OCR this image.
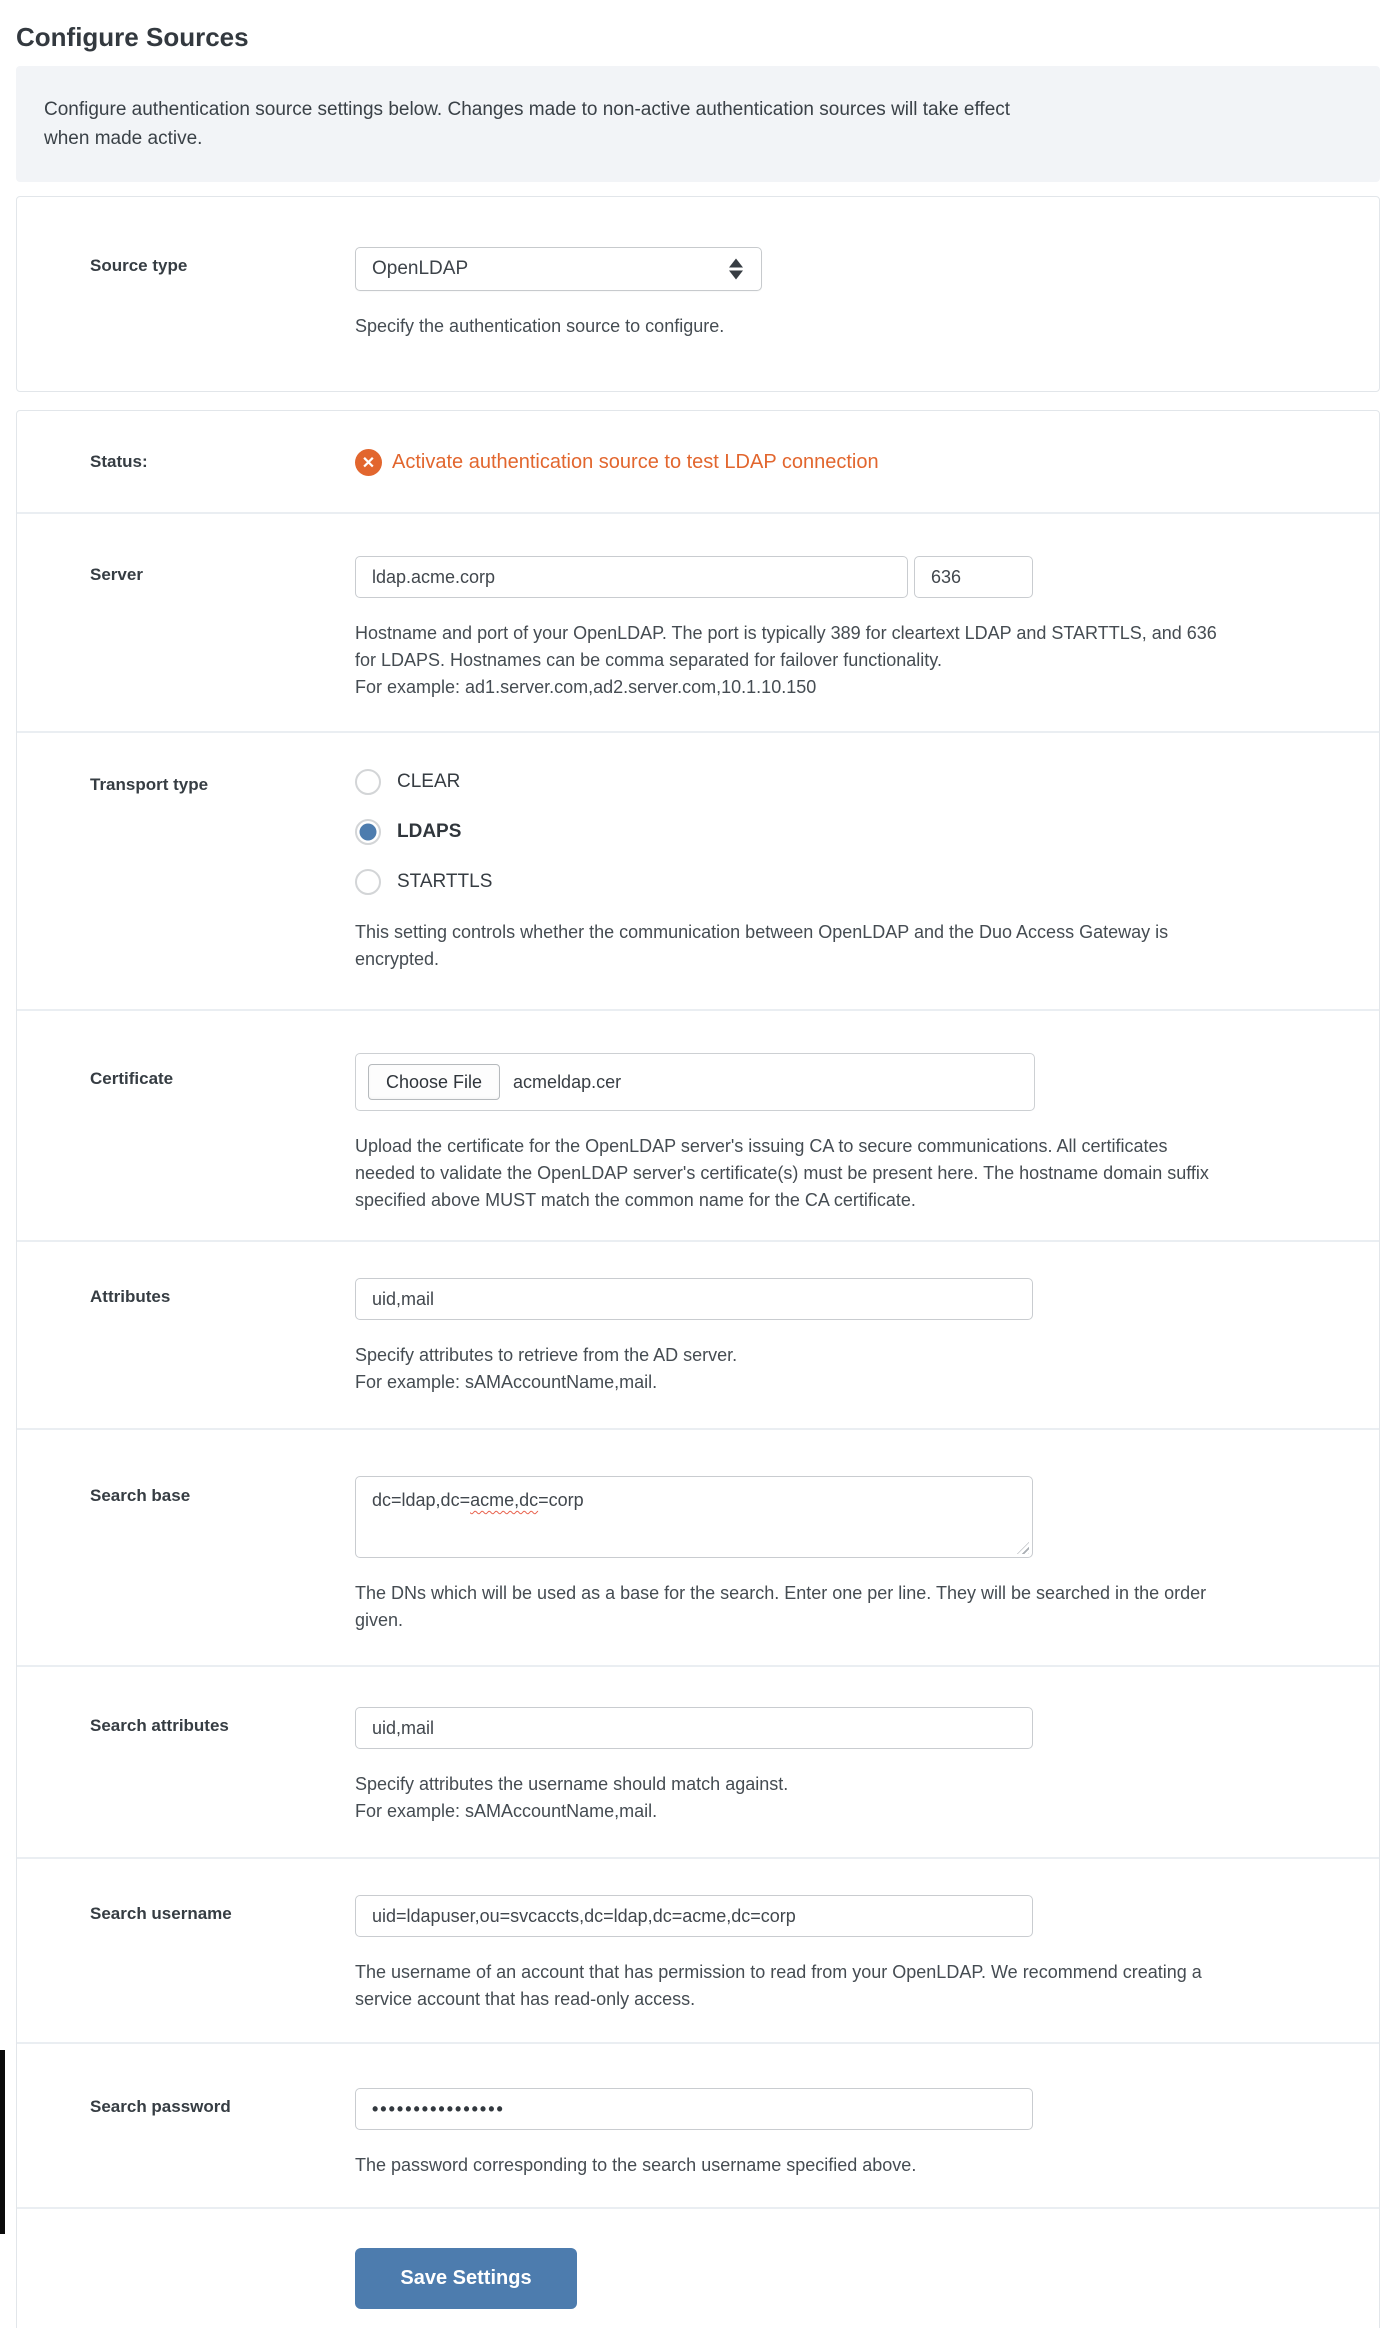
Configure Sources
Configure authentication source settings below. Changes made to non-active authentication sources will take effect
when made active.
Source type	OpenLDAP
Specify the authentication source to configure.
Status:	✕ Activate authentication source to test LDAP connection
Server	ldap.acme.corp	636
Hostname and port of your OpenLDAP. The port is typically 389 for cleartext LDAP and STARTTLS, and 636
for LDAPS. Hostnames can be comma separated for failover functionality.
For example: ad1.server.com,ad2.server.com,10.1.10.150
Transport type	CLEAR
LDAPS
STARTTLS
This setting controls whether the communication between OpenLDAP and the Duo Access Gateway is
encrypted.
Certificate	Choose File	acmeldap.cer
Upload the certificate for the OpenLDAP server's issuing CA to secure communications. All certificates
needed to validate the OpenLDAP server's certificate(s) must be present here. The hostname domain suffix
specified above MUST match the common name for the CA certificate.
Attributes	uid,mail
Specify attributes to retrieve from the AD server.
For example: sAMAccountName,mail.
Search base	dc=ldap,dc=acme,dc=corp
The DNs which will be used as a base for the search. Enter one per line. They will be searched in the order
given.
Search attributes	uid,mail
Specify attributes the username should match against.
For example: sAMAccountName,mail.
Search username	uid=ldapuser,ou=svcaccts,dc=ldap,dc=acme,dc=corp
The username of an account that has permission to read from your OpenLDAP. We recommend creating a
service account that has read-only access.
Search password	••••••••••••••••
The password corresponding to the search username specified above.
Save Settings
